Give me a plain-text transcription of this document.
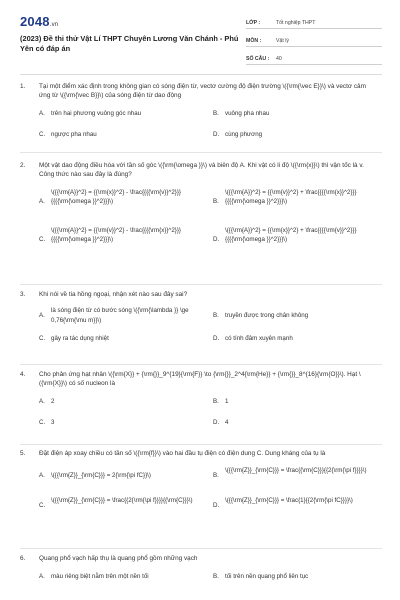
2048.vn
(2023) Đề thi thử Vật Lí THPT Chuyên Lương Văn Chánh - Phú Yên có đáp án
LỚP :	Tốt nghiệp THPT
MÔN :	Vật lý
SỐ CÂU :	40
1.	Tại một điểm xác định trong không gian có sóng điện từ, vectơ cường độ điện trường \({\rm{\vec E}}\) và vectơ cảm ứng từ \({\rm{\vec B}}\) của sóng điện từ dao động
A. trên hai phương vuông góc nhau	B. vuông pha nhau
C. ngược pha nhau	D. cùng phương
2.	Một vật dao động điều hòa với tần số góc \({\rm{\omega }}\) và biên độ A. Khi vật có li độ \({\rm{x}}\) thì vận tốc là v. Công thức nào sau đây là đúng?
A.
\({{\rm{A}}^2} = {{\rm{x}}^2} - \frac{{{{\rm{v}}^2}}}{{{{\rm{\omega }}^2}}}\)	B.
\({{\rm{A}}^2} = {{\rm{v}}^2} + \frac{{{{\rm{x}}^2}}}{{{{\rm{\omega }}^2}}}\)
C.
\({{\rm{A}}^2} = {{\rm{v}}^2} - \frac{{{{\rm{x}}^2}}}{{{{\rm{\omega }}^2}}}\)	D.
\({{\rm{A}}^2} = {{\rm{x}}^2} + \frac{{{{\rm{v}}^2}}}{{{{\rm{\omega }}^2}}}\)
3.	Khi nói về tia hồng ngoại, nhận xét nào sau đây sai?
A.
là sóng điện từ có bước sóng \({\rm{\lambda }} \ge 0,76{\rm{\mu m}}\)
B. truyền được trong chân không
C. gây ra tác dụng nhiệt	D. có tính đâm xuyên mạnh
4.	Cho phản ứng hạt nhân \({\rm{X}} + {\rm{}}_9^{19}{\rm{F}} \to {\rm{}}_2^4{\rm{He}} + {\rm{}}_8^{16}{\rm{O}}\). Hạt \({\rm{X}}\) có số nucleon là
A. 2	B. 1
C. 3	D. 4
5.	Đặt điện áp xoay chiều có tần số \({\rm{f}}\) vào hai đầu tụ điện có điện dung C. Dung kháng của tụ là
A. \({{\rm{Z}}_{\rm{C}}} = 2{\rm{\pi fC}}\)	B.
\({{\rm{Z}}_{\rm{C}}} = \frac{{\rm{C}}}{{2{\rm{\pi f}}}}\)
C.
\({{\rm{Z}}_{\rm{C}}} = \frac{{2{\rm{\pi f}}}}{{\rm{C}}}\)
D.
\({{\rm{Z}}_{\rm{C}}} = \frac{1}{{2{\rm{\pi fC}}}}\)
6.	Quang phổ vạch hấp thụ là quang phổ gồm những vạch
A. màu riêng biệt nằm trên một nền tối	B. tối trên nền quang phổ liên tục
